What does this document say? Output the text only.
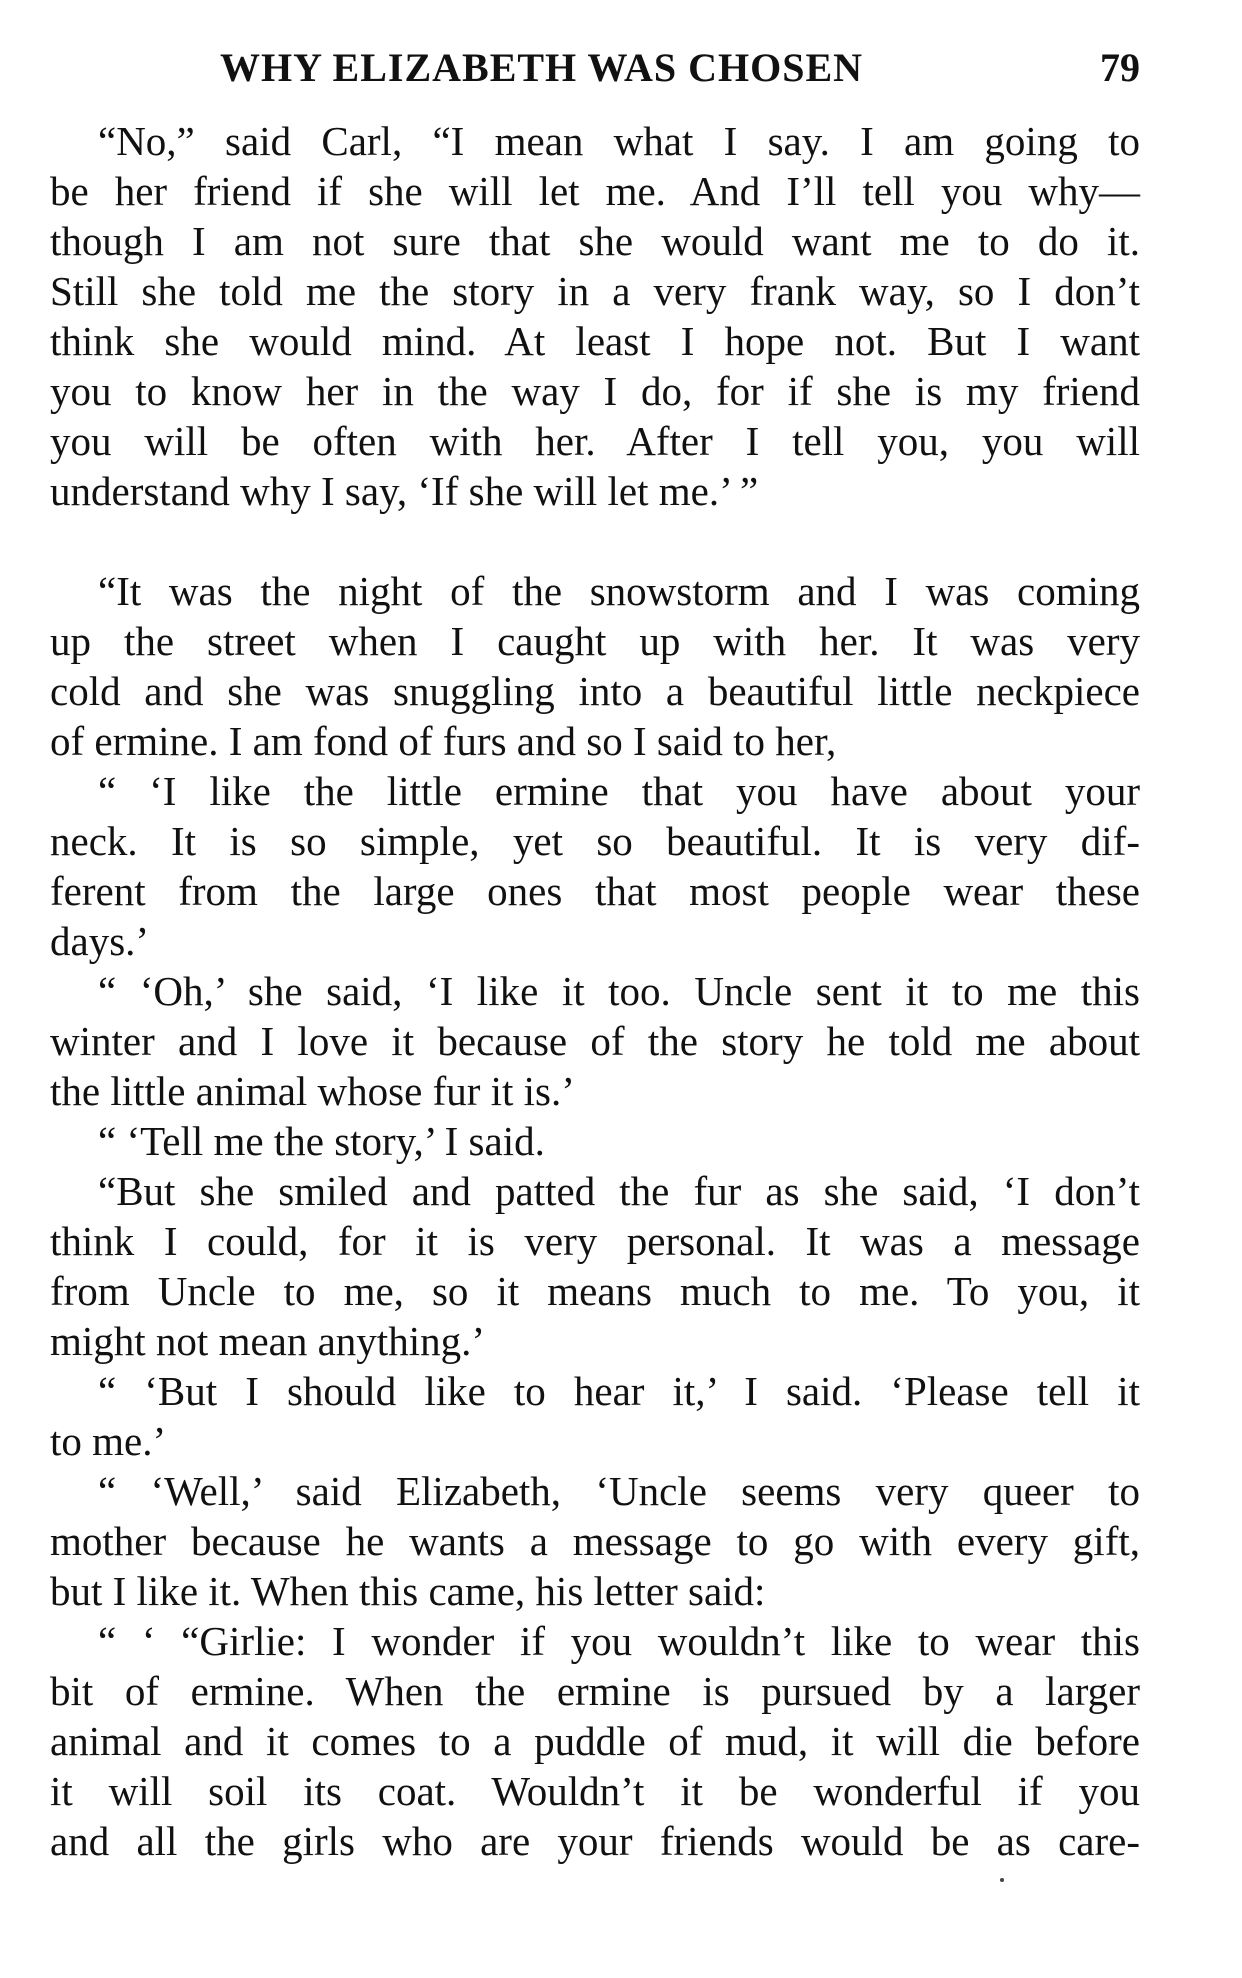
WHY ELIZABETH WAS CHOSEN	79
“No,” said Carl, “I mean what I say. I am going to
be her friend if she will let me. And I’ll tell you why—
though I am not sure that she would want me to do it.
Still she told me the story in a very frank way, so I don’t
think she would mind. At least I hope not. But I want
you to know her in the way I do, for if she is my friend
you will be often with her. After I tell you, you will
understand why I say, ‘If she will let me.’ ”
“It was the night of the snowstorm and I was coming
up the street when I caught up with her. It was very
cold and she was snuggling into a beautiful little neckpiece
of ermine. I am fond of furs and so I said to her,
“ ‘I like the little ermine that you have about your
neck. It is so simple, yet so beautiful. It is very dif-
ferent from the large ones that most people wear these
days.’
“ ‘Oh,’ she said, ‘I like it too. Uncle sent it to me this
winter and I love it because of the story he told me about
the little animal whose fur it is.’
“ ‘Tell me the story,’ I said.
“But she smiled and patted the fur as she said, ‘I don’t
think I could, for it is very personal. It was a message
from Uncle to me, so it means much to me. To you, it
might not mean anything.’
“ ‘But I should like to hear it,’ I said. ‘Please tell it
to me.’
“ ‘Well,’ said Elizabeth, ‘Uncle seems very queer to
mother because he wants a message to go with every gift,
but I like it. When this came, his letter said:
“ ‘ “Girlie: I wonder if you wouldn’t like to wear this
bit of ermine. When the ermine is pursued by a larger
animal and it comes to a puddle of mud, it will die before
it will soil its coat. Wouldn’t it be wonderful if you
and all the girls who are your friends would be as care-
